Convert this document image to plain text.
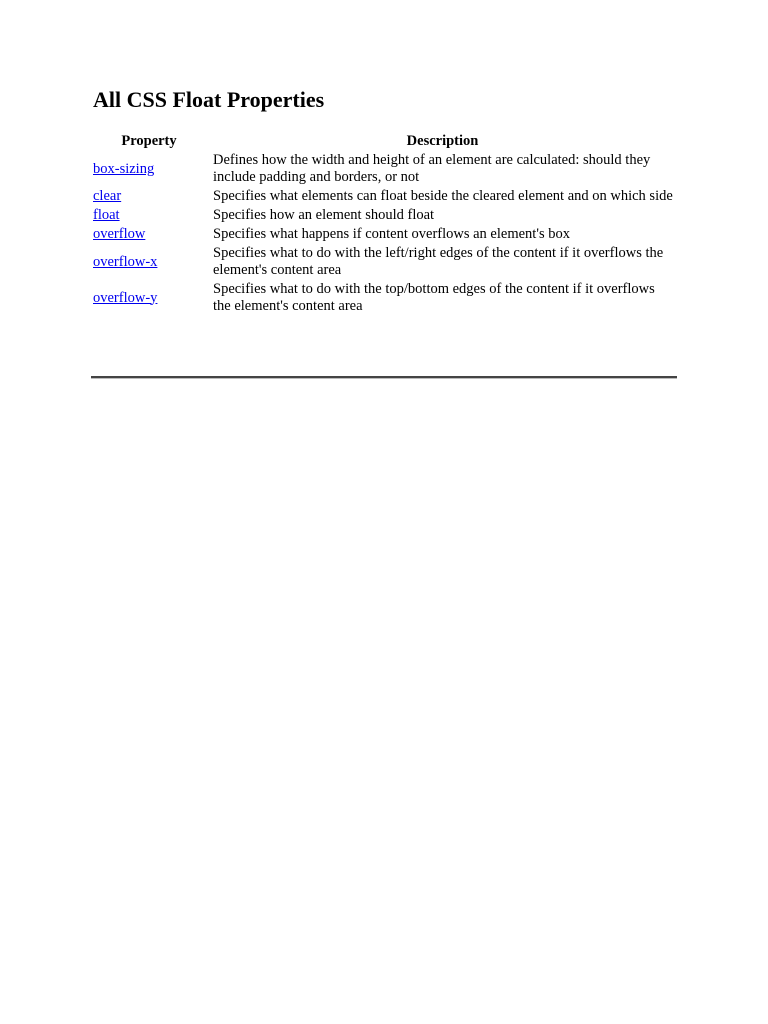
All CSS Float Properties
Property	Description
box-sizing	Defines how the width and height of an element are calculated: should they include padding and borders, or not
clear	Specifies what elements can float beside the cleared element and on which side
float	Specifies how an element should float
overflow	Specifies what happens if content overflows an element's box
overflow-x	Specifies what to do with the left/right edges of the content if it overflows the element's content area
overflow-y	Specifies what to do with the top/bottom edges of the content if it overflows the element's content area
